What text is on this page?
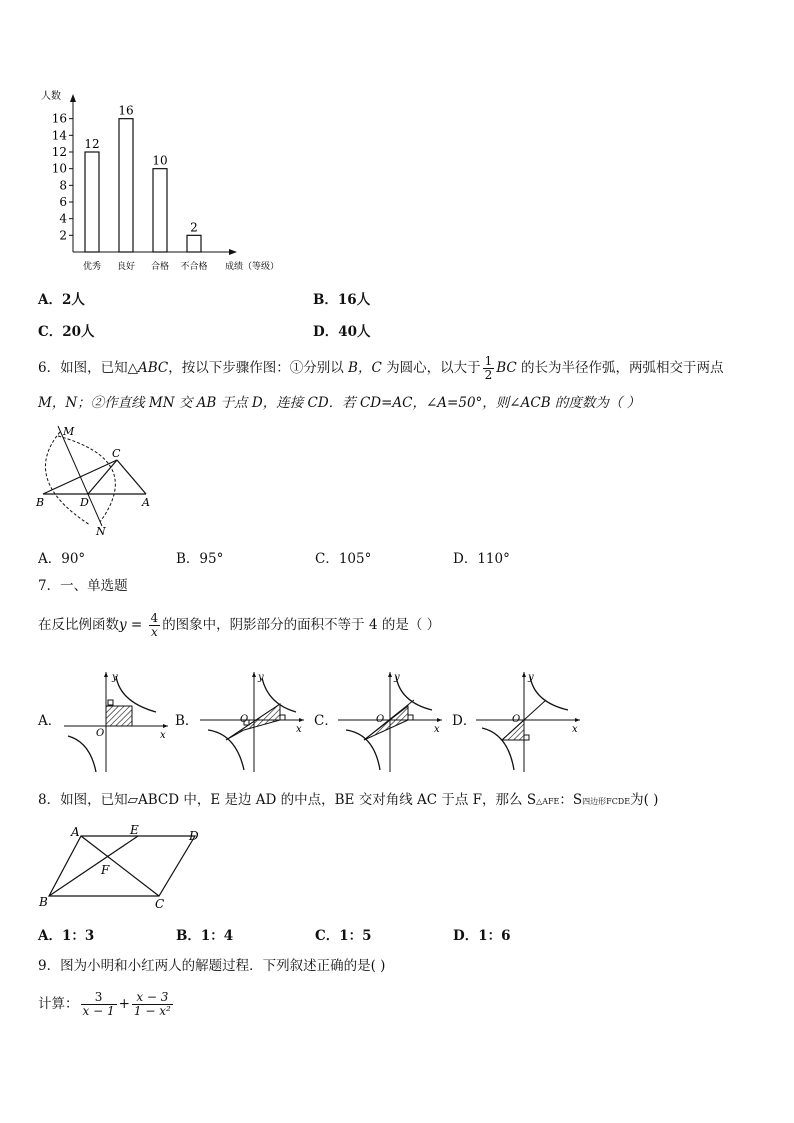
人数
2
4
6
8
10
12
14
16
12
优秀
16
良好
10
合格
2
不合格 成绩（等级）
A．2人	B．16人
C．20人	D．40人
6．如图，已知△ABC，按以下步骤作图：①分别以 B，C 为圆心，以大于 $\frac{1}{2}$ BC 的长为半径作弧，两弧相交于两点
M，N；②作直线 MN 交 AB 于点 D，连接 CD．若 CD=AC，∠A=50°，则∠ACB 的度数为（ ）
M
C
B	D	A
N
A．90°	B．95°	C．105°	D．110°
7．一、单选题
在反比例函数$y = \frac{4}{x}$ 的图象中，阴影部分的面积不等于 4 的是（ ）
A．	B．	C．	D．
O	x
y
O
x
y
O
x
y
O
x
y
8．如图，已知▱ABCD 中，E 是边 AD 的中点，BE 交对角线 AC 于点 F，那么 S△AFE：S四边形FCDE为( )
A	E	D
F
B	C
A．1：3	B．1：4	C．1：5	D．1：6
9．图为小明和小红两人的解题过程．下列叙述正确的是( )
计算： $\frac{3}{x - 1} + \frac{x - 3}{\text{1 − x²}}$
